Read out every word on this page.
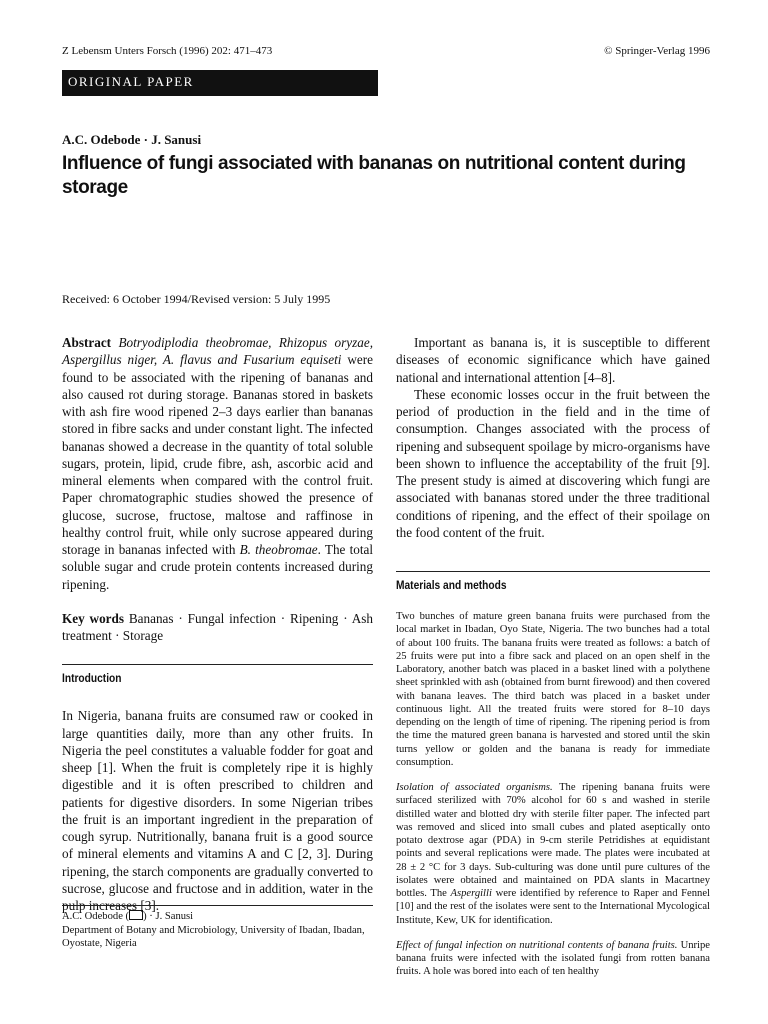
Z Lebensm Unters Forsch (1996) 202: 471–473	© Springer-Verlag 1996
ORIGINAL PAPER
A.C. Odebode · J. Sanusi
Influence of fungi associated with bananas on nutritional content during storage
Received: 6 October 1994/Revised version: 5 July 1995

Abstract Botryodiplodia theobromae, Rhizopus oryzae, Aspergillus niger, A. flavus and Fusarium equiseti were found to be associated with the ripening of bananas and also caused rot during storage. Bananas stored in baskets with ash fire wood ripened 2–3 days earlier than bananas stored in fibre sacks and under constant light. The infected bananas showed a decrease in the quantity of total soluble sugars, protein, lipid, crude fibre, ash, ascorbic acid and mineral elements when compared with the control fruit. Paper chromatographic studies showed the presence of glucose, sucrose, fructose, maltose and raffinose in healthy control fruit, while only sucrose appeared during storage in bananas infected with B. theobromae. The total soluble sugar and crude protein contents increased during ripening.

Key words Bananas · Fungal infection · Ripening · Ash treatment · Storage

Introduction

In Nigeria, banana fruits are consumed raw or cooked in large quantities daily, more than any other fruits. In Nigeria the peel constitutes a valuable fodder for goat and sheep [1]. When the fruit is completely ripe it is highly digestible and it is often prescribed to children and patients for digestive disorders. In some Nigerian tribes the fruit is an important ingredient in the preparation of cough syrup. Nutritionally, banana fruit is a good source of mineral elements and vitamins A and C [2, 3]. During ripening, the starch components are gradually converted to sucrose, glucose and fructose and in addition, water in the pulp increases [3].

Important as banana is, it is susceptible to different diseases of economic significance which have gained national and international attention [4–8].

These economic losses occur in the fruit between the period of production in the field and in the time of consumption. Changes associated with the process of ripening and subsequent spoilage by micro-organisms have been shown to influence the acceptability of the fruit [9]. The present study is aimed at discovering which fungi are associated with bananas stored under the three traditional conditions of ripening, and the effect of their spoilage on the food content of the fruit.

Materials and methods

Two bunches of mature green banana fruits were purchased from the local market in Ibadan, Oyo State, Nigeria. The two bunches had a total of about 100 fruits. The banana fruits were treated as follows: a batch of 25 fruits were put into a fibre sack and placed on an open shelf in the Laboratory, another batch was placed in a basket lined with a polythene sheet sprinkled with ash (obtained from burnt firewood) and then covered with banana leaves. The third batch was placed in a basket under continuous light. All the treated fruits were stored for 8–10 days depending on the length of time of ripening. The ripening period is from the time the matured green banana is harvested and stored until the skin turns yellow or golden and the banana is ready for immediate consumption.

Isolation of associated organisms. The ripening banana fruits were surfaced sterilized with 70% alcohol for 60 s and washed in sterile distilled water and blotted dry with sterile filter paper. The infected part was removed and sliced into small cubes and plated aseptically onto potato dextrose agar (PDA) in 9-cm sterile Petridishes at equidistant points and several replications were made. The plates were incubated at 28 ± 2 °C for 3 days. Sub-culturing was done until pure cultures of the isolates were obtained and maintained on PDA slants in Macartney bottles. The Aspergilli were identified by reference to Raper and Fennel [10] and the rest of the isolates were sent to the International Mycological Institute, Kew, UK for identification.

Effect of fungal infection on nutritional contents of banana fruits. Unripe banana fruits were infected with the isolated fungi from rotten banana fruits. A hole was bored into each of ten healthy

A.C. Odebode ( ) · J. Sanusi
Department of Botany and Microbiology, University of Ibadan, Ibadan, Oyostate, Nigeria
